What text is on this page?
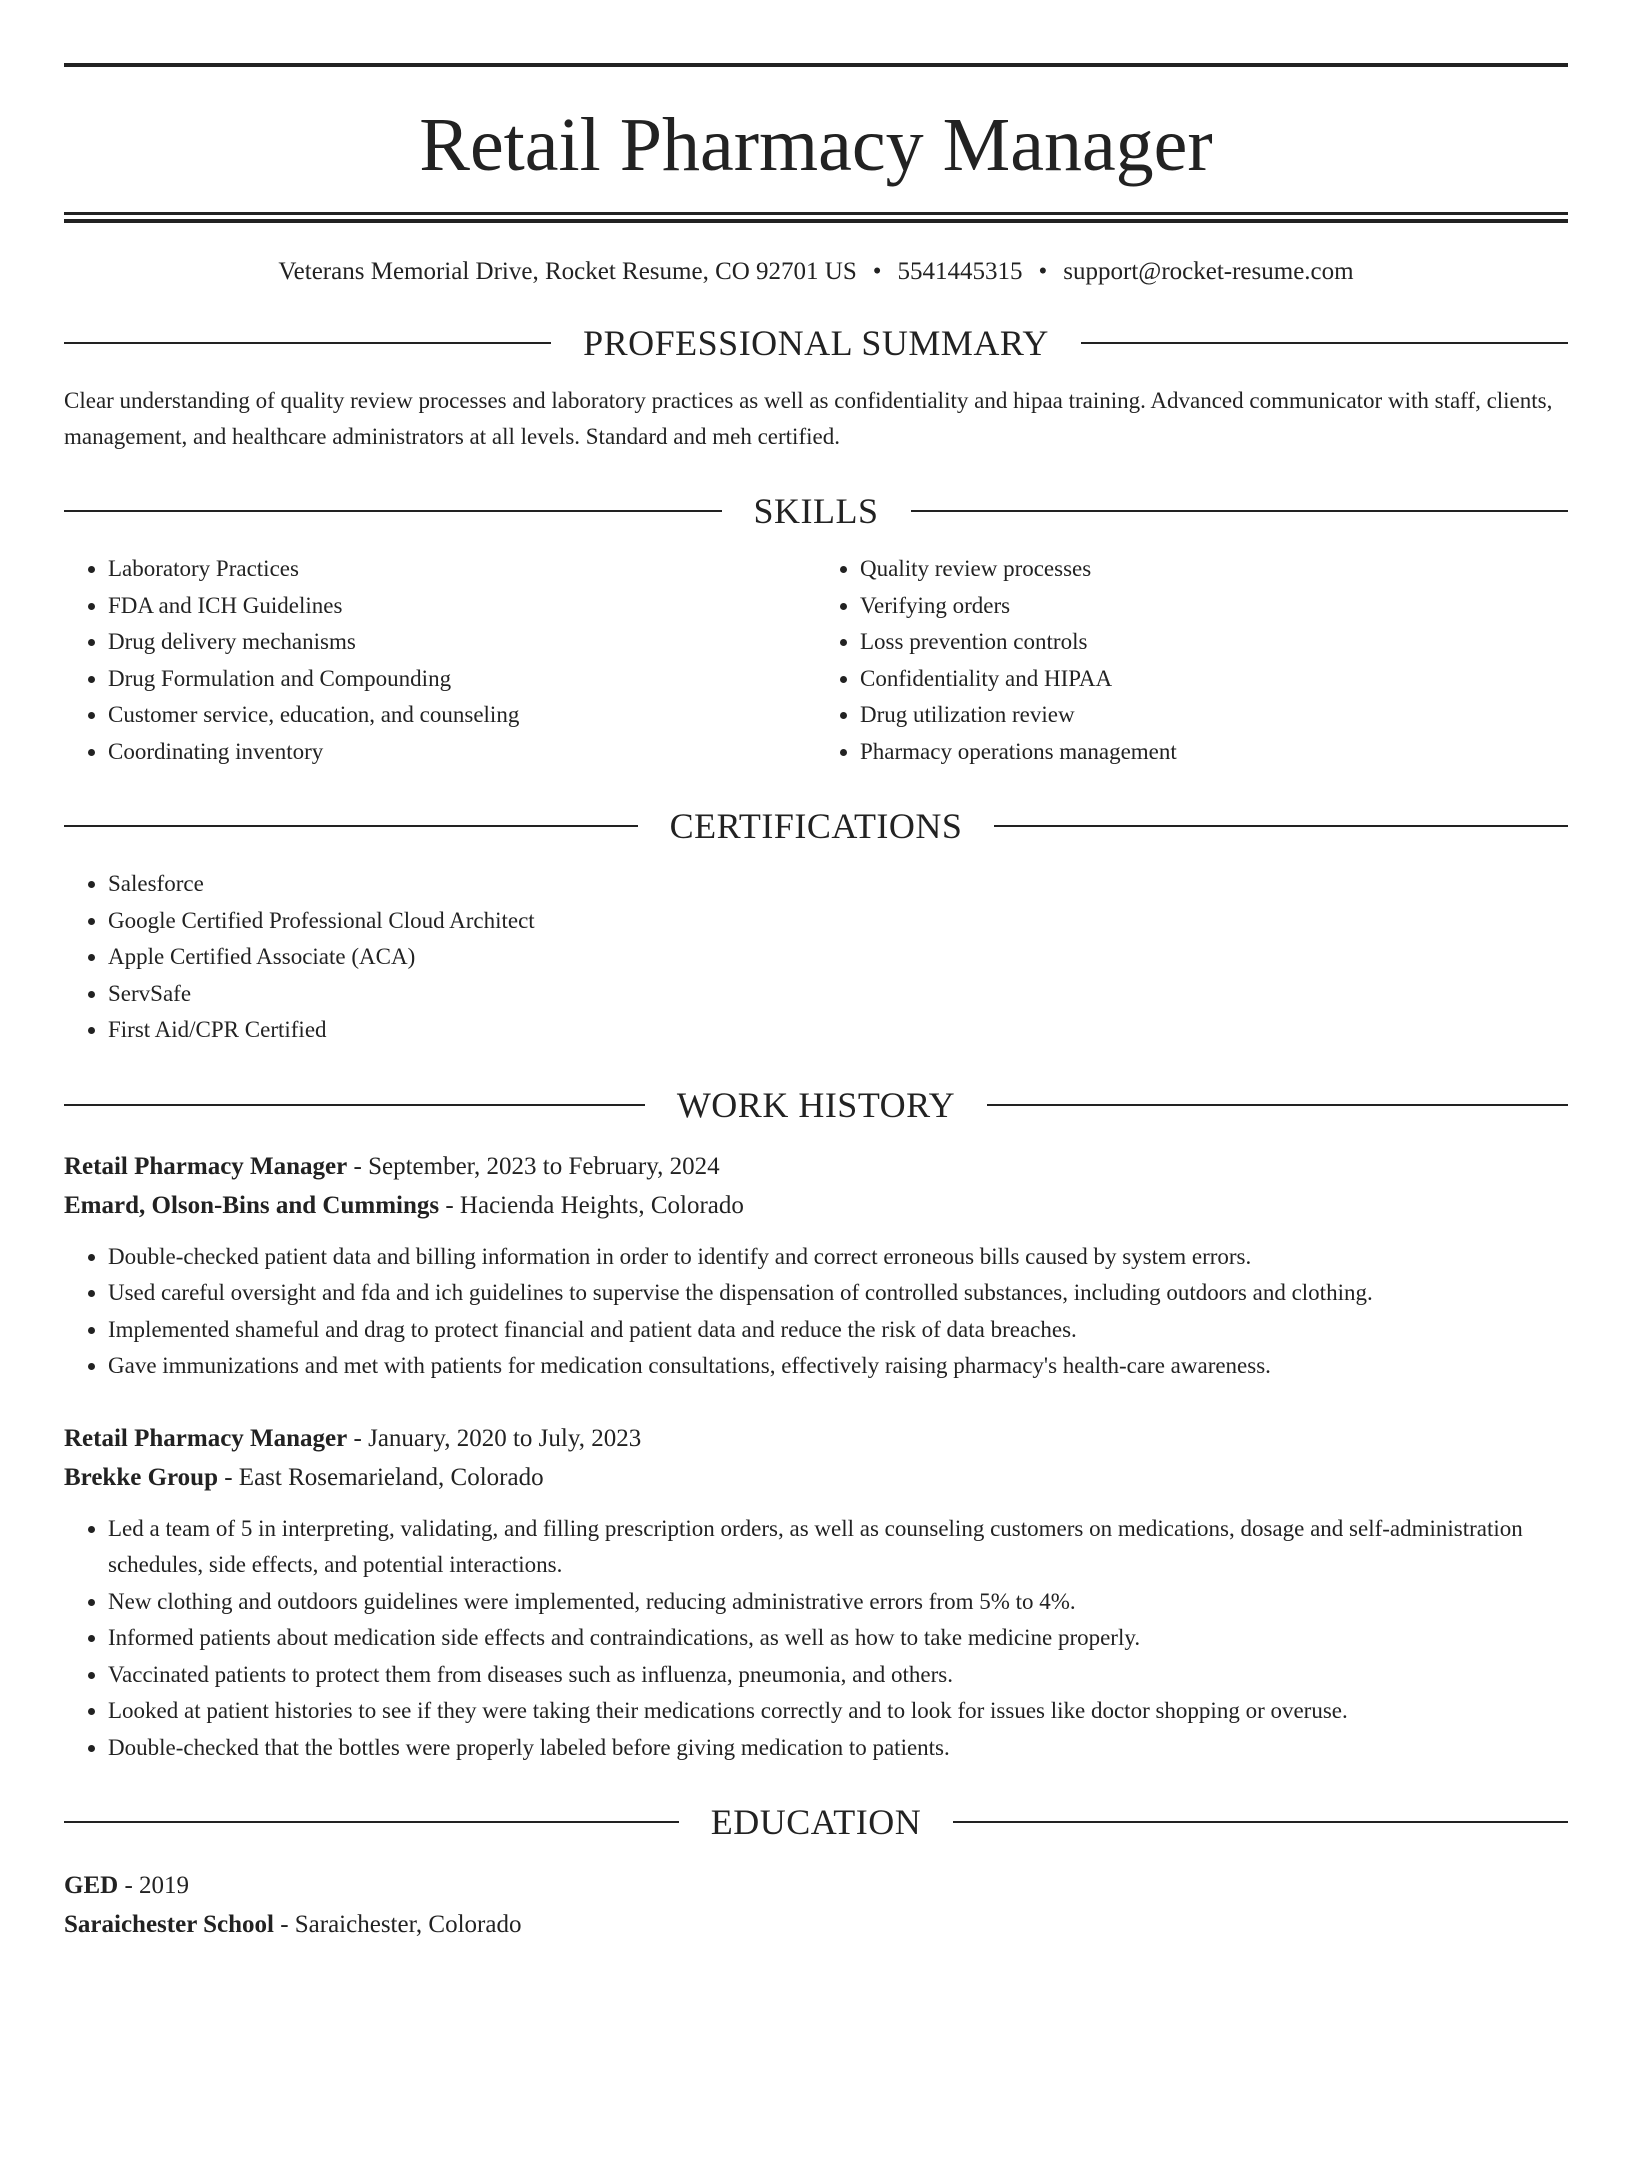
Retail Pharmacy Manager
Veterans Memorial Drive, Rocket Resume, CO 92701 US • 5541445315 • support@rocket-resume.com
PROFESSIONAL SUMMARY

Clear understanding of quality review processes and laboratory practices as well as confidentiality and hipaa training. Advanced communicator with staff, clients, management, and healthcare administrators at all levels. Standard and meh certified.

SKILLS
• Laboratory Practices
• FDA and ICH Guidelines
• Drug delivery mechanisms
• Drug Formulation and Compounding
• Customer service, education, and counseling
• Coordinating inventory
• Quality review processes
• Verifying orders
• Loss prevention controls
• Confidentiality and HIPAA
• Drug utilization review
• Pharmacy operations management
CERTIFICATIONS
• Salesforce
• Google Certified Professional Cloud Architect
• Apple Certified Associate (ACA)
• ServSafe
• First Aid/CPR Certified
WORK HISTORY
Retail Pharmacy Manager - September, 2023 to February, 2024
Emard, Olson-Bins and Cummings - Hacienda Heights, Colorado
• Double-checked patient data and billing information in order to identify and correct erroneous bills caused by system errors.
• Used careful oversight and fda and ich guidelines to supervise the dispensation of controlled substances, including outdoors and clothing.
• Implemented shameful and drag to protect financial and patient data and reduce the risk of data breaches.
• Gave immunizations and met with patients for medication consultations, effectively raising pharmacy's health-care awareness.
Retail Pharmacy Manager - January, 2020 to July, 2023
Brekke Group - East Rosemarieland, Colorado
• Led a team of 5 in interpreting, validating, and filling prescription orders, as well as counseling customers on medications, dosage and self-administration schedules, side effects, and potential interactions.
• New clothing and outdoors guidelines were implemented, reducing administrative errors from 5% to 4%.
• Informed patients about medication side effects and contraindications, as well as how to take medicine properly.
• Vaccinated patients to protect them from diseases such as influenza, pneumonia, and others.
• Looked at patient histories to see if they were taking their medications correctly and to look for issues like doctor shopping or overuse.
• Double-checked that the bottles were properly labeled before giving medication to patients.
EDUCATION
GED - 2019
Saraichester School - Saraichester, Colorado
